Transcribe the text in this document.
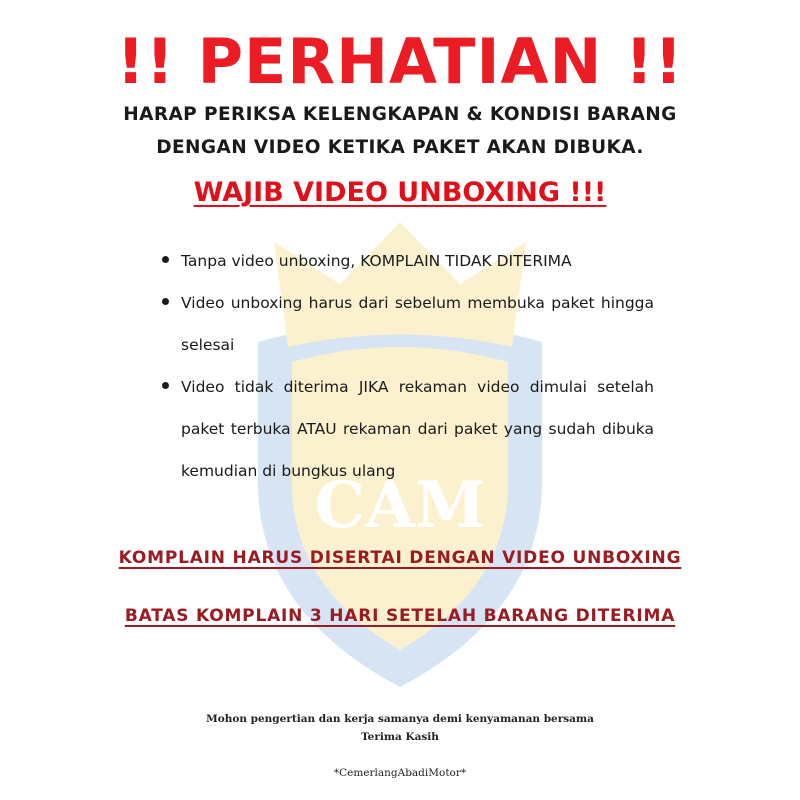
CAM
!! PERHATIAN !!
HARAP PERIKSA KELENGKAPAN & KONDISI BARANG
DENGAN VIDEO KETIKA PAKET AKAN DIBUKA.
WAJIB VIDEO UNBOXING !!!
Tanpa video unboxing, KOMPLAIN TIDAK DITERIMA
Video unboxing harus dari sebelum membuka paket hingga selesai
Video tidak diterima JIKA rekaman video dimulai setelah paket terbuka ATAU rekaman dari paket yang sudah dibuka kemudian di bungkus ulang
KOMPLAIN HARUS DISERTAI DENGAN VIDEO UNBOXING
BATAS KOMPLAIN 3 HARI SETELAH BARANG DITERIMA
Mohon pengertian dan kerja samanya demi kenyamanan bersama
Terima Kasih
*CemerlangAbadiMotor*
